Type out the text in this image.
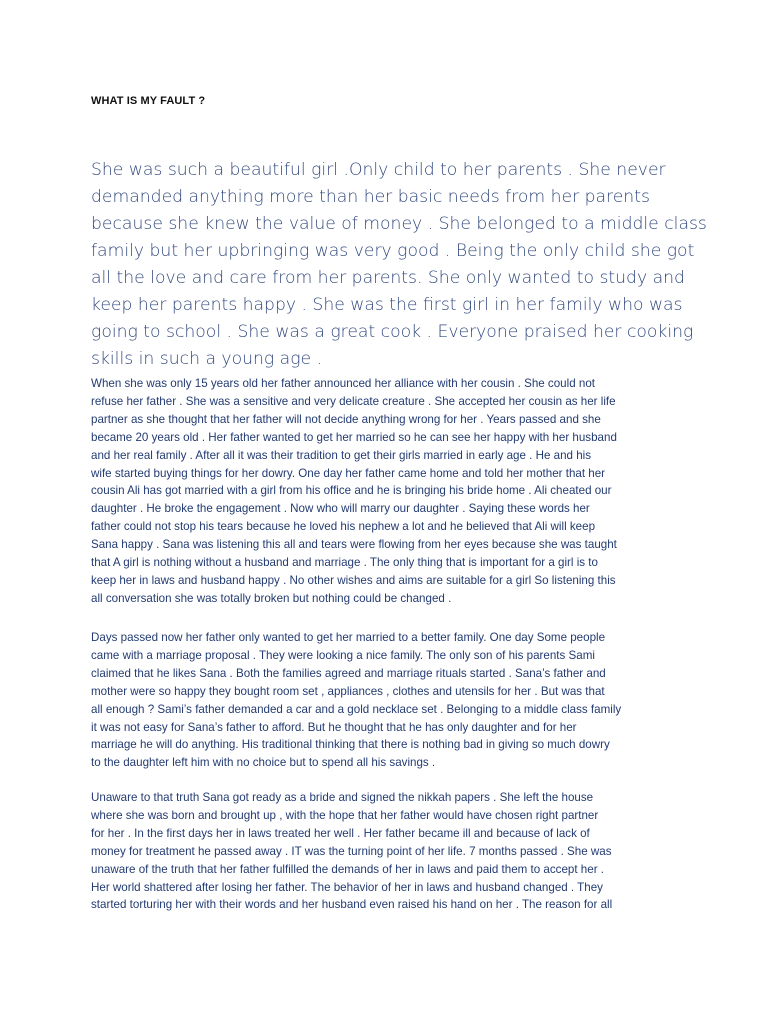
WHAT IS MY FAULT ?
She was such a beautiful girl .Only child to her parents . She never
demanded anything more than her basic needs from her parents
because she knew the value of money . She belonged to a middle class
family but her upbringing was very good . Being the only child she got
all the love and care from her parents. She only wanted to study and
keep her parents happy . She was the first girl in her family who was
going to school . She was a great cook . Everyone praised her cooking
skills in such a young age .
When she was only 15 years old her father announced her alliance with her cousin . She could not
refuse her father . She was a sensitive and very delicate creature . She accepted her cousin as her life
partner as she thought that her father will not decide anything wrong for her . Years passed and she
became 20 years old . Her father wanted to get her married so he can see her happy with her husband
and her real family . After all it was their tradition to get their girls married in early age . He and his
wife started buying things for her dowry. One day her father came home and told her mother that her
cousin Ali has got married with a girl from his office and he is bringing his bride home . Ali cheated our
daughter . He broke the engagement . Now who will marry our daughter . Saying these words her
father could not stop his tears because he loved his nephew a lot and he believed that Ali will keep
Sana happy . Sana was listening this all and tears were flowing from her eyes because she was taught
that A girl is nothing without a husband and marriage . The only thing that is important for a girl is to
keep her in laws and husband happy . No other wishes and aims are suitable for a girl So listening this
all conversation she was totally broken but nothing could be changed .
Days passed now her father only wanted to get her married to a better family. One day Some people
came with a marriage proposal . They were looking a nice family. The only son of his parents Sami
claimed that he likes Sana . Both the families agreed and marriage rituals started . Sana’s father and
mother were so happy they bought room set , appliances , clothes and utensils for her . But was that
all enough ? Sami’s father demanded a car and a gold necklace set . Belonging to a middle class family
it was not easy for Sana’s father to afford. But he thought that he has only daughter and for her
marriage he will do anything. His traditional thinking that there is nothing bad in giving so much dowry
to the daughter left him with no choice but to spend all his savings .
Unaware to that truth Sana got ready as a bride and signed the nikkah papers . She left the house
where she was born and brought up , with the hope that her father would have chosen right partner
for her . In the first days her in laws treated her well . Her father became ill and because of lack of
money for treatment he passed away . IT was the turning point of her life. 7 months passed . She was
unaware of the truth that her father fulfilled the demands of her in laws and paid them to accept her .
Her world shattered after losing her father. The behavior of her in laws and husband changed . They
started torturing her with their words and her husband even raised his hand on her . The reason for all
